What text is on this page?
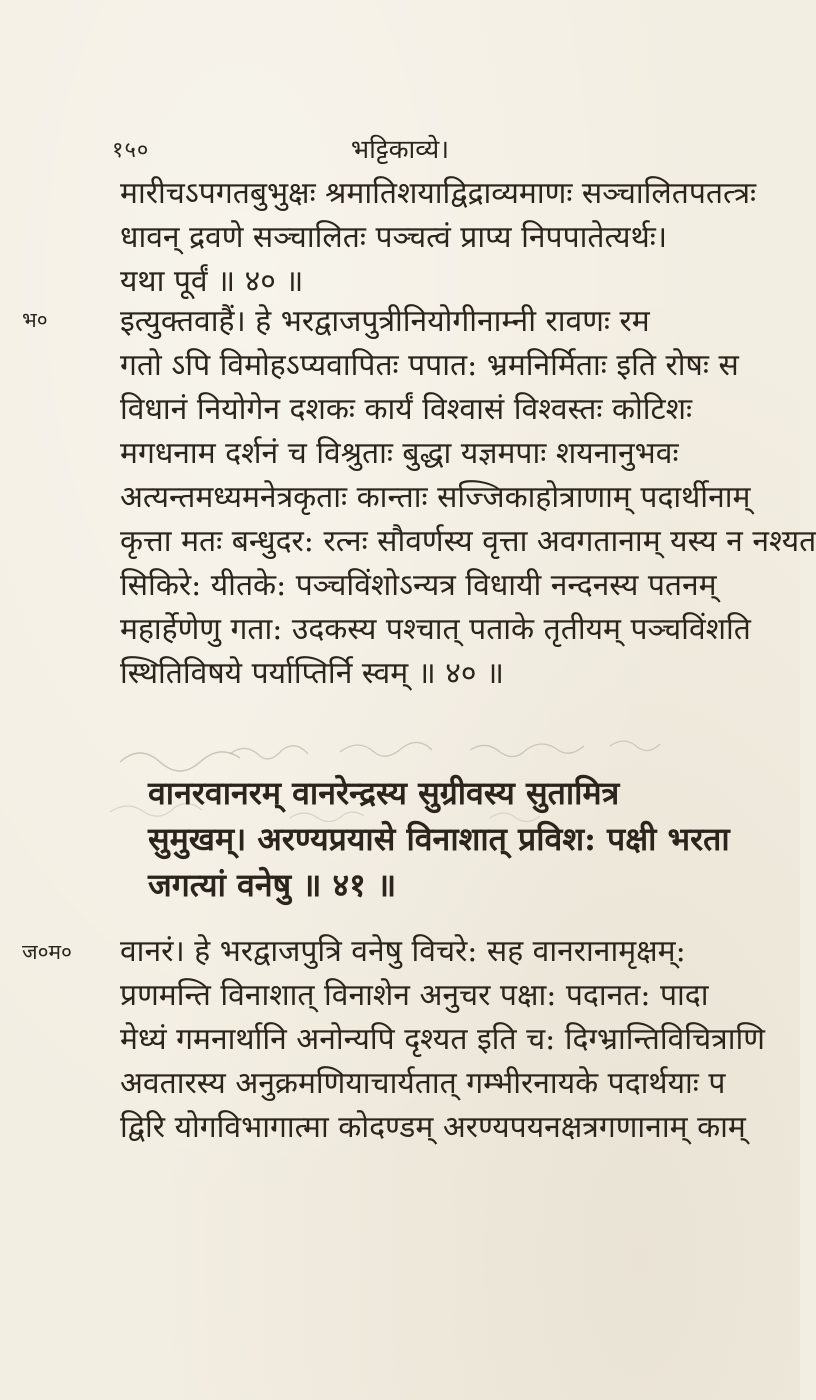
१५०	भट्टिकाव्ये।
मारीचऽपगतबुभुक्षः श्रमातिशयाद्विद्राव्यमाणः सञ्चालितपतत्त्रः
धावन् द्रवणे सञ्चालितः पञ्चत्वं प्राप्य निपपातेत्यर्थः।
यथा पूर्वं ॥ ४० ॥
भ० इत्युक्तवाहैं। हे भरद्वाजपुत्रीनियोगीनाम्नी रावणः रम
गतो ऽपि विमोहऽप्यवापितः पपात: भ्रमनिर्मिताः इति रोषः स
विधानं नियोगेन दशकः कार्यं विश्वासं विश्वस्तः कोटिशः
मगधनाम दर्शनं च विश्रुताः बुद्धा यज्ञमपाः शयनानुभवः
अत्यन्तमध्यमनेत्रकृताः कान्ताः सज्जिकाहोत्राणाम् पदार्थीनाम्
कृत्ता मतः बन्धुदर: रत्नः सौवर्णस्य वृत्ता अवगतानाम् यस्य न नश्यत
सिकिरे: यीतके: पञ्चविंशोऽन्यत्र विधायी नन्दनस्य पतनम्
महार्हेणेणु गता: उदकस्य पश्चात् पताके तृतीयम् पञ्चविंशति
स्थितिविषये पर्याप्तिर्नि स्वम् ॥ ४० ॥
वानरवानरम् वानरेन्द्रस्य सुग्रीवस्य सुतामित्र
सुमुखम्। अरण्यप्रयासे विनाशात् प्रविश: पक्षी भरता
जगत्यां वनेषु ॥ ४१ ॥
ज०म० वानरं। हे भरद्वाजपुत्रि वनेषु विचरे: सह वानरानामृक्षम्:
प्रणमन्ति विनाशात् विनाशेन अनुचर पक्षा: पदानत: पादा
मेध्यं गमनार्थानि अनोन्यपि दृश्यत इति च: दिग्भ्रान्तिविचित्राणि
अवतारस्य अनुक्रमणियाचार्यतात् गम्भीरनायके पदार्थयाः प
द्विरि योगविभागात्मा कोदण्डम् अरण्यपयनक्षत्रगणानाम् काम्
